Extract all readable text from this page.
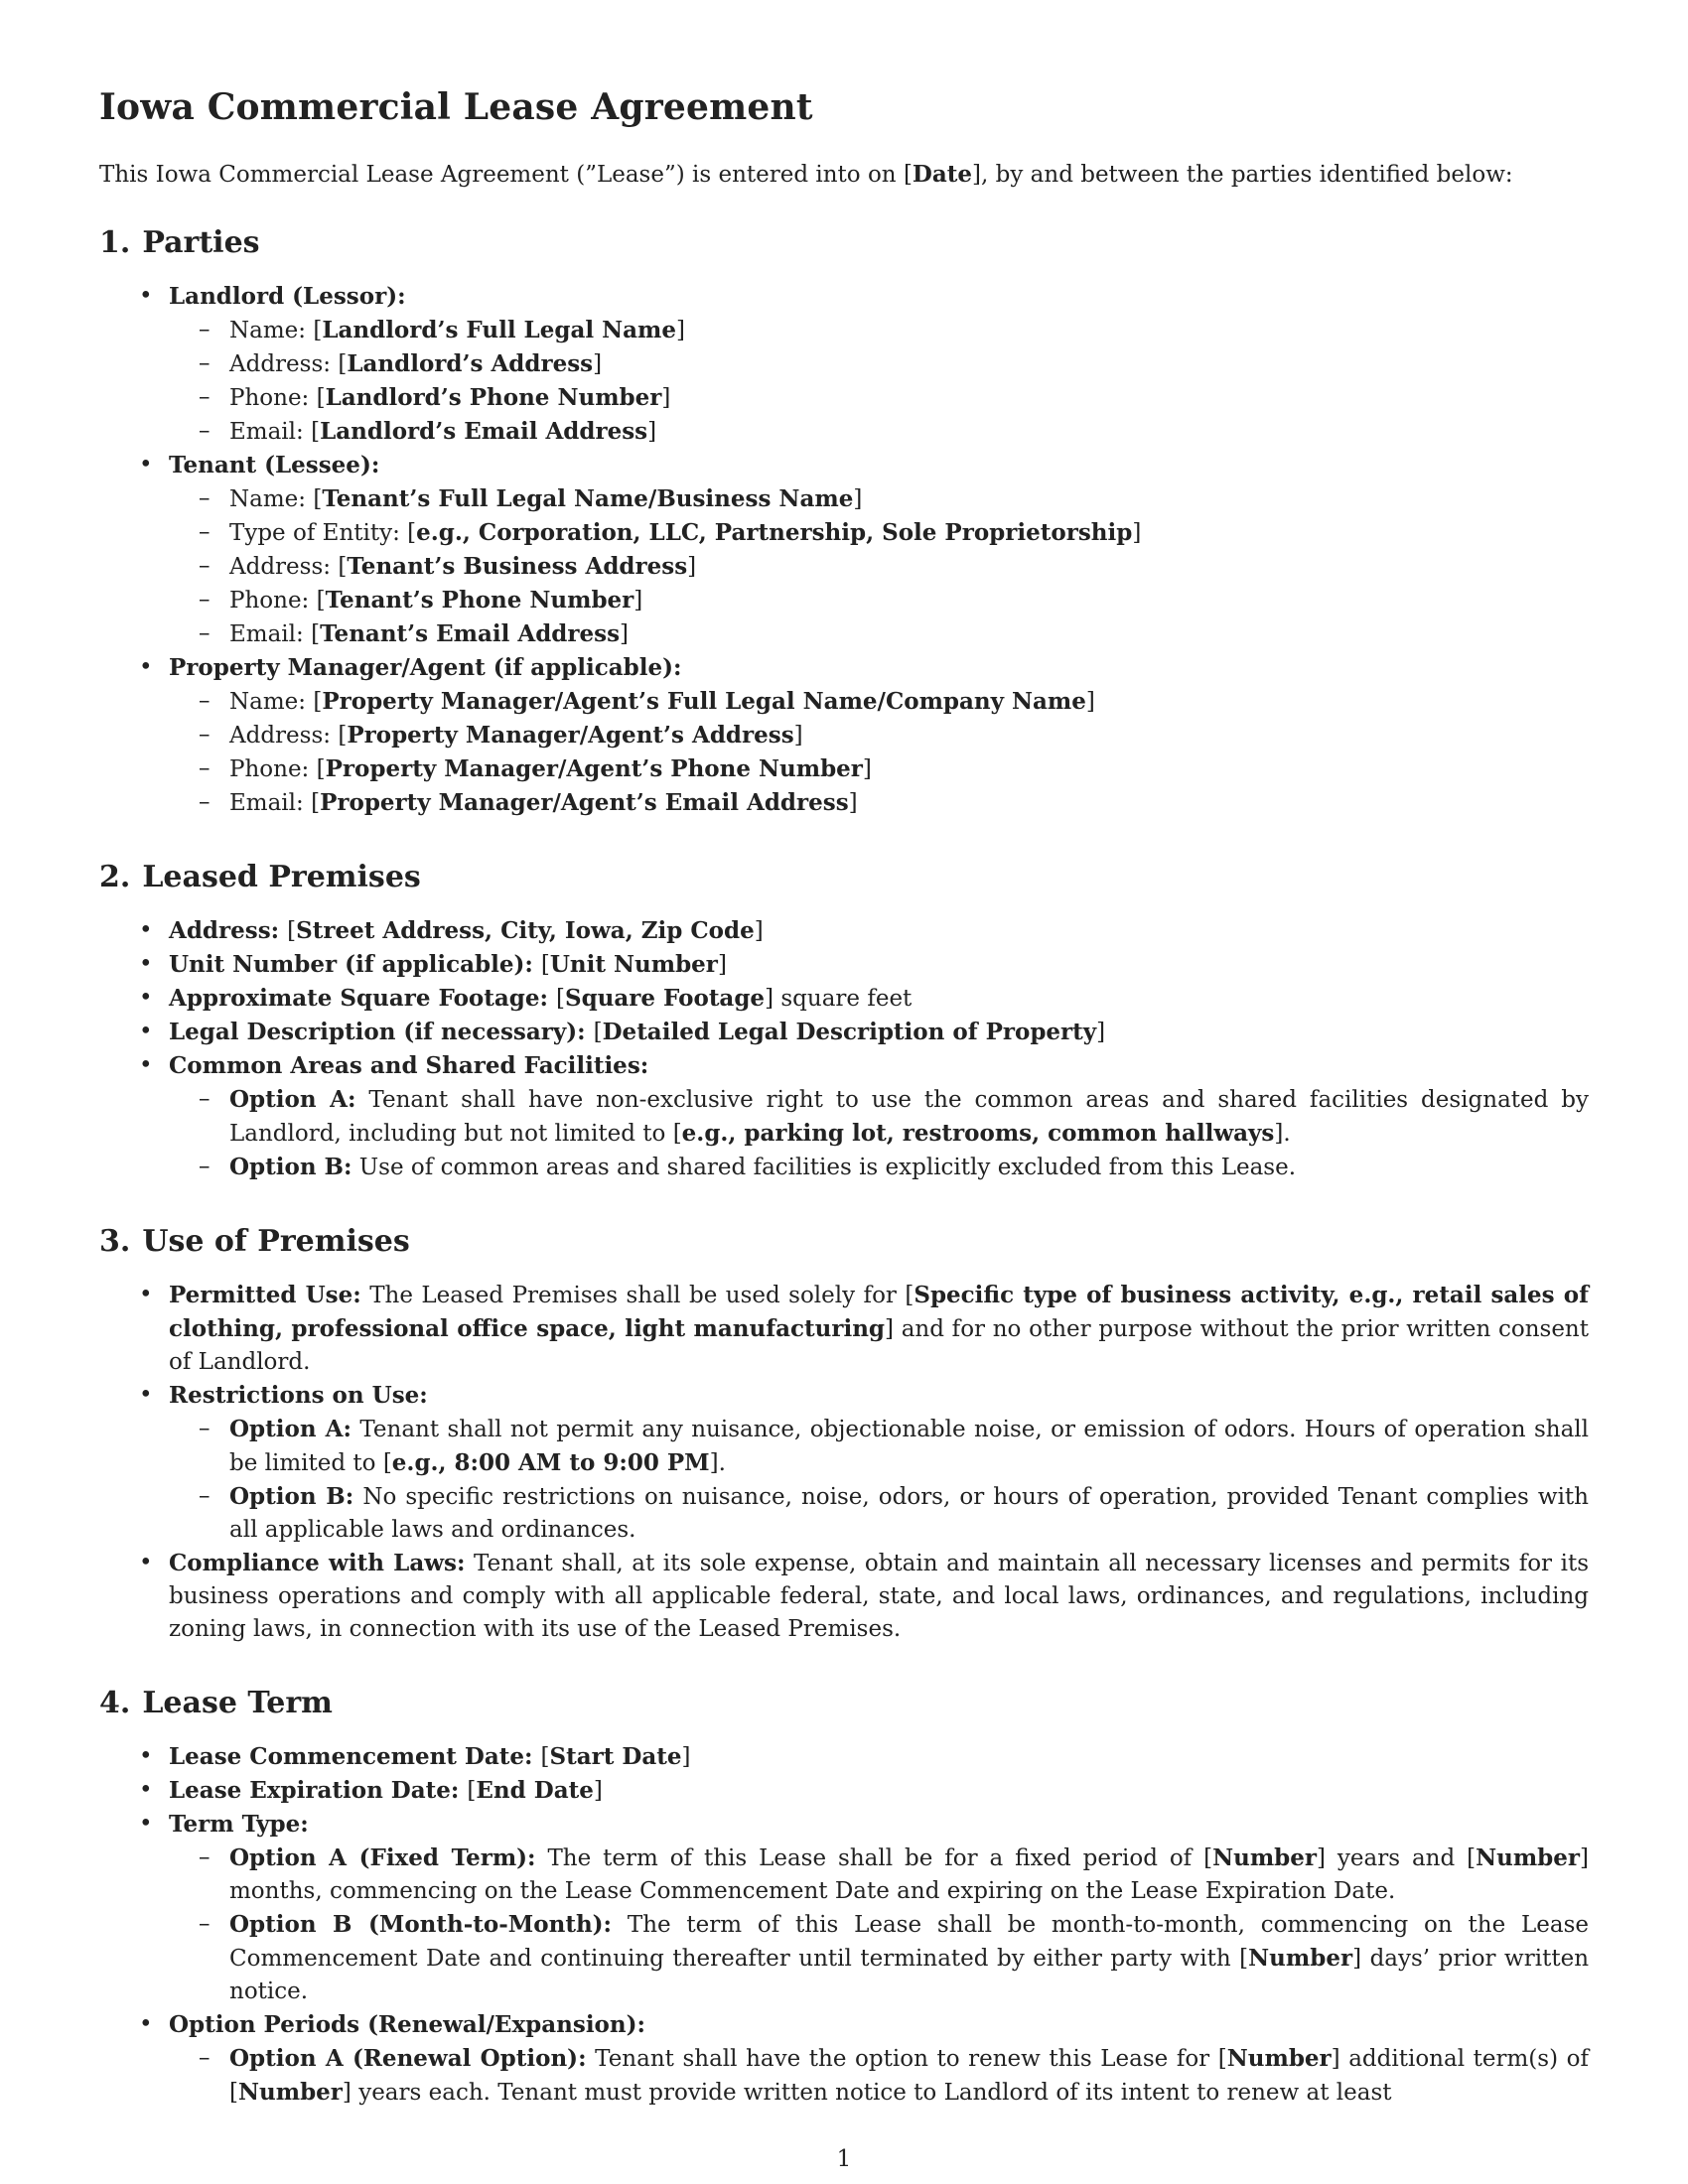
Iowa Commercial Lease Agreement

This Iowa Commercial Lease Agreement (”Lease”) is entered into on [Date], by and between the parties identified below:

1. Parties
• Landlord (Lessor):
– Name: [Landlord’s Full Legal Name]
– Address: [Landlord’s Address]
– Phone: [Landlord’s Phone Number]
– Email: [Landlord’s Email Address]
• Tenant (Lessee):
– Name: [Tenant’s Full Legal Name/Business Name]
– Type of Entity: [e.g., Corporation, LLC, Partnership, Sole Proprietorship]
– Address: [Tenant’s Business Address]
– Phone: [Tenant’s Phone Number]
– Email: [Tenant’s Email Address]
• Property Manager/Agent (if applicable):
– Name: [Property Manager/Agent’s Full Legal Name/Company Name]
– Address: [Property Manager/Agent’s Address]
– Phone: [Property Manager/Agent’s Phone Number]
– Email: [Property Manager/Agent’s Email Address]
2. Leased Premises
• Address: [Street Address, City, Iowa, Zip Code]
• Unit Number (if applicable): [Unit Number]
• Approximate Square Footage: [Square Footage] square feet
• Legal Description (if necessary): [Detailed Legal Description of Property]
• Common Areas and Shared Facilities:
– Option A: Tenant shall have non-exclusive right to use the common areas and shared facilities designated by Landlord, including but not limited to [e.g., parking lot, restrooms, common hallways].
– Option B: Use of common areas and shared facilities is explicitly excluded from this Lease.
3. Use of Premises
• Permitted Use: The Leased Premises shall be used solely for [Specific type of business activity, e.g., retail sales of clothing, professional office space, light manufacturing] and for no other purpose without the prior written consent of Landlord.
• Restrictions on Use:
– Option A: Tenant shall not permit any nuisance, objectionable noise, or emission of odors. Hours of operation shall be limited to [e.g., 8:00 AM to 9:00 PM].
– Option B: No specific restrictions on nuisance, noise, odors, or hours of operation, provided Tenant complies with all applicable laws and ordinances.
• Compliance with Laws: Tenant shall, at its sole expense, obtain and maintain all necessary licenses and permits for its business operations and comply with all applicable federal, state, and local laws, ordinances, and regulations, including zoning laws, in connection with its use of the Leased Premises.
4. Lease Term
• Lease Commencement Date: [Start Date]
• Lease Expiration Date: [End Date]
• Term Type:
– Option A (Fixed Term): The term of this Lease shall be for a fixed period of [Number] years and [Number] months, commencing on the Lease Commencement Date and expiring on the Lease Expiration Date.
– Option B (Month-to-Month): The term of this Lease shall be month-to-month, commencing on the Lease Commencement Date and continuing thereafter until terminated by either party with [Number] days’ prior written notice.
• Option Periods (Renewal/Expansion):
– Option A (Renewal Option): Tenant shall have the option to renew this Lease for [Number] additional term(s) of [Number] years each. Tenant must provide written notice to Landlord of its intent to renew at least
1
